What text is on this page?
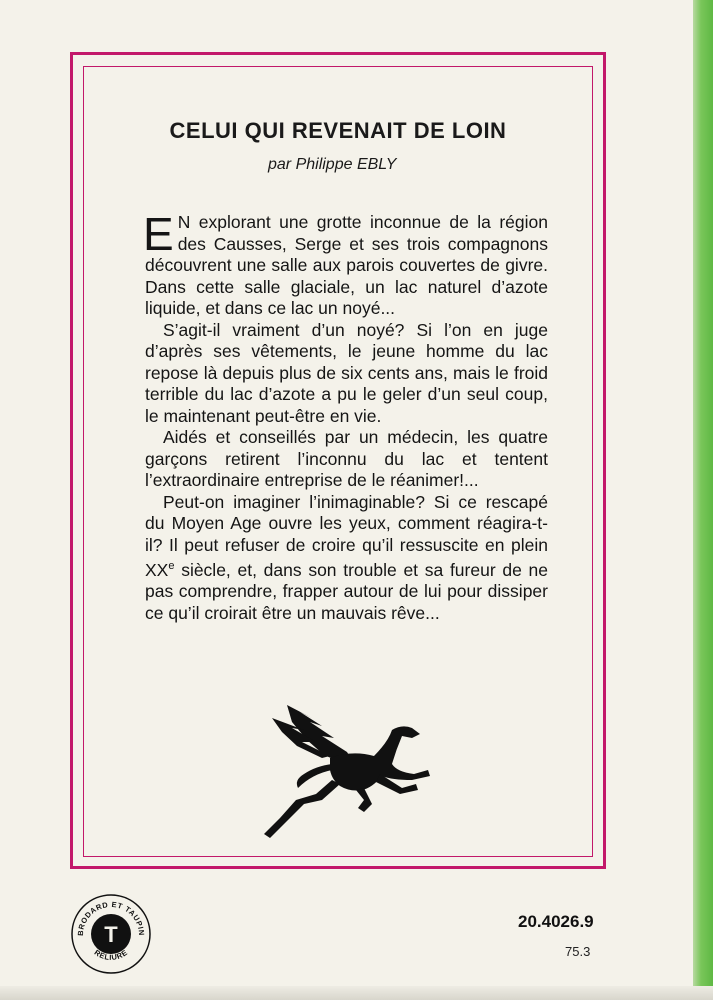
CELUI QUI REVENAIT DE LOIN
par Philippe EBLY

E N explorant une grotte inconnue de la région des Causses, Serge et ses trois compagnons découvrent une salle aux parois couvertes de givre. Dans cette salle glaciale, un lac naturel d’azote liquide, et dans ce lac un noyé...

S’agit-il vraiment d’un noyé? Si l’on en juge d’après ses vêtements, le jeune homme du lac repose là depuis plus de six cents ans, mais le froid terrible du lac d’azote a pu le geler d’un seul coup, le maintenant peut-être en vie.

Aidés et conseillés par un médecin, les quatre garçons retirent l’inconnu du lac et tentent l’extraordinaire entreprise de le réanimer!...

Peut-on imaginer l’inimaginable? Si ce rescapé du Moyen Age ouvre les yeux, comment réagira-t-il? Il peut refuser de croire qu’il ressuscite en plein XXe siècle, et, dans son trouble et sa fureur de ne pas comprendre, frapper autour de lui pour dissiper ce qu’il croirait être un mauvais rêve...

BRODARD ET TAUPIN
RELIURE
T
20.4026.9
75.3
